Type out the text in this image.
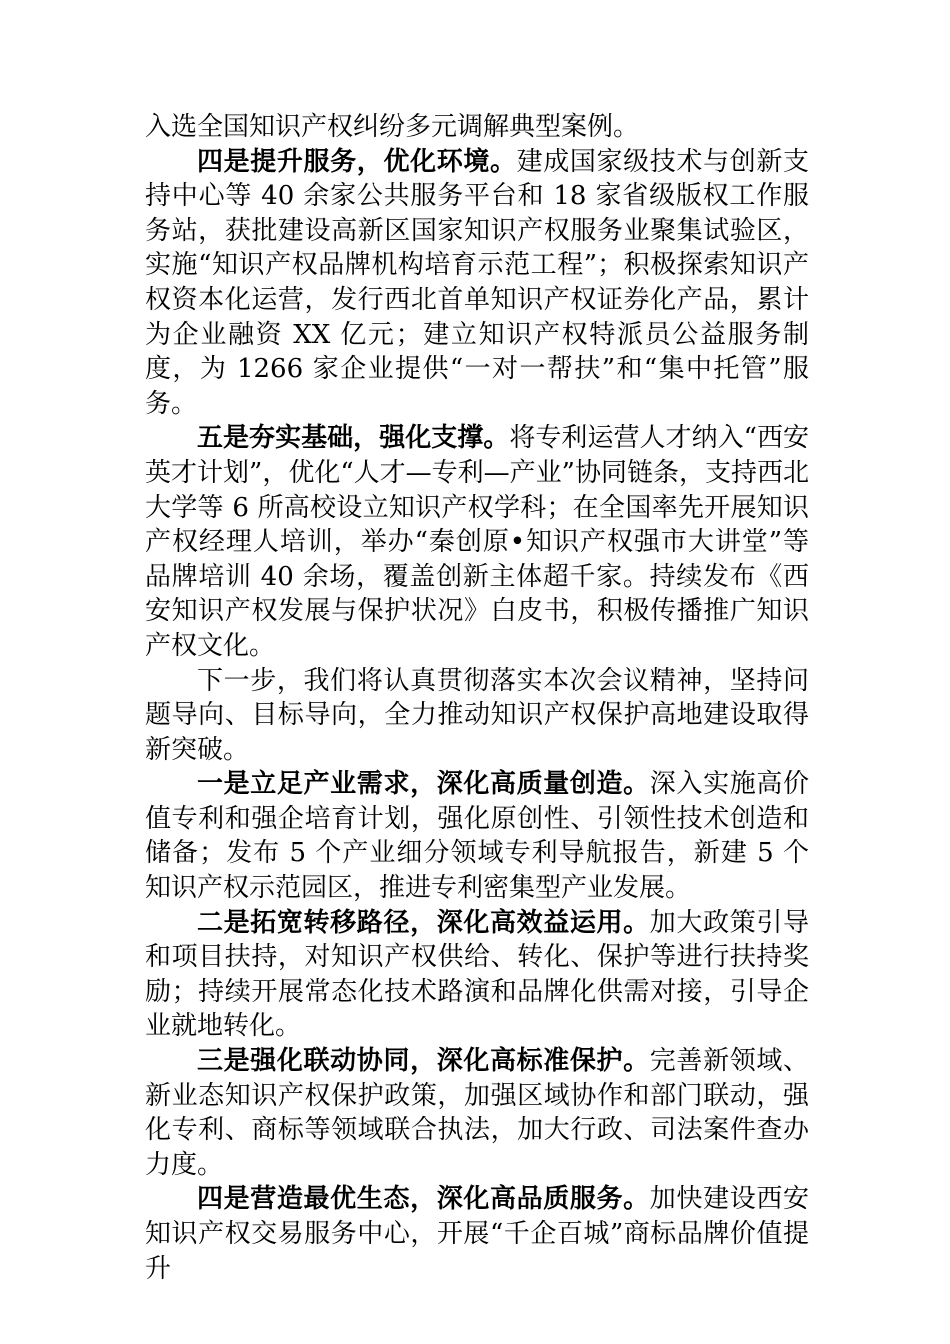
入选全国知识产权纠纷多元调解典型案例。

四是提升服务，优化环境。建成国家级技术与创新支持中心等 40 余家公共服务平台和 18 家省级版权工作服务站，获批建设高新区国家知识产权服务业聚集试验区，实施“知识产权品牌机构培育示范工程”；积极探索知识产权资本化运营，发行西北首单知识产权证券化产品，累计为企业融资 XX 亿元；建立知识产权特派员公益服务制度，为 1266 家企业提供“一对一帮扶”和“集中托管”服务。

五是夯实基础，强化支撑。将专利运营人才纳入“西安英才计划”，优化“人才—专利—产业”协同链条，支持西北大学等 6 所高校设立知识产权学科；在全国率先开展知识产权经理人培训，举办“秦创原•知识产权强市大讲堂”等品牌培训 40 余场，覆盖创新主体超千家。持续发布《西安知识产权发展与保护状况》白皮书，积极传播推广知识产权文化。

下一步，我们将认真贯彻落实本次会议精神，坚持问题导向、目标导向，全力推动知识产权保护高地建设取得新突破。

一是立足产业需求，深化高质量创造。深入实施高价值专利和强企培育计划，强化原创性、引领性技术创造和储备；发布 5 个产业细分领域专利导航报告，新建 5 个知识产权示范园区，推进专利密集型产业发展。

二是拓宽转移路径，深化高效益运用。加大政策引导和项目扶持，对知识产权供给、转化、保护等进行扶持奖励；持续开展常态化技术路演和品牌化供需对接，引导企业就地转化。

三是强化联动协同，深化高标准保护。完善新领域、新业态知识产权保护政策，加强区域协作和部门联动，强化专利、商标等领域联合执法，加大行政、司法案件查办力度。

四是营造最优生态，深化高品质服务。加快建设西安知识产权交易服务中心，开展“千企百城”商标品牌价值提升
